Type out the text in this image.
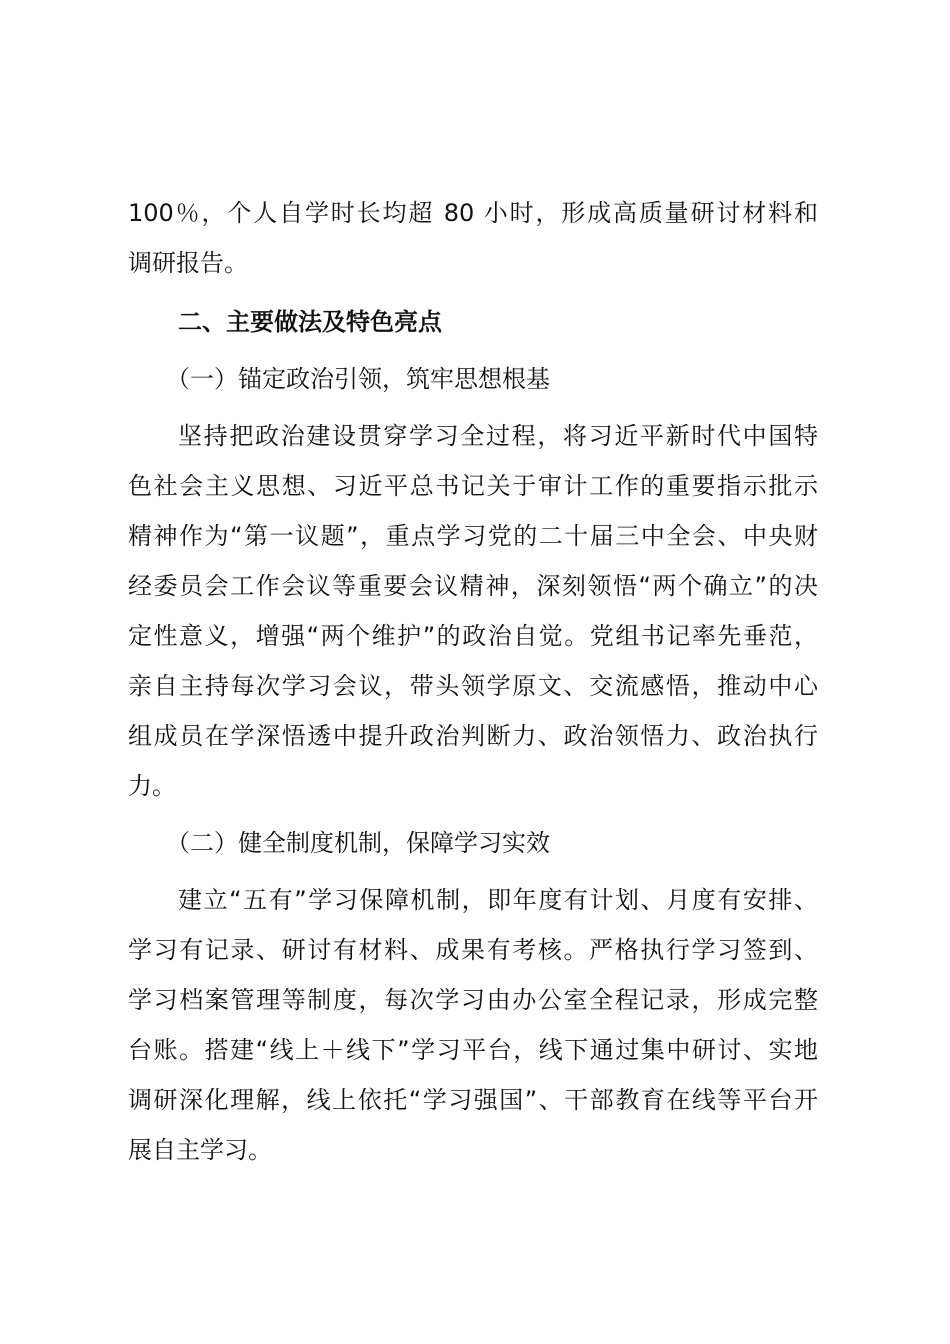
100％，个人自学时长均超 80 小时，形成高质量研讨材料和
调研报告。
二、主要做法及特色亮点
（一）锚定政治引领，筑牢思想根基
坚持把政治建设贯穿学习全过程，将习近平新时代中国特
色社会主义思想、习近平总书记关于审计工作的重要指示批示
精神作为“第一议题”，重点学习党的二十届三中全会、中央财
经委员会工作会议等重要会议精神，深刻领悟“两个确立”的决
定性意义，增强“两个维护”的政治自觉。党组书记率先垂范，
亲自主持每次学习会议，带头领学原文、交流感悟，推动中心
组成员在学深悟透中提升政治判断力、政治领悟力、政治执行
力。
（二）健全制度机制，保障学习实效
建立“五有”学习保障机制，即年度有计划、月度有安排、
学习有记录、研讨有材料、成果有考核。严格执行学习签到、
学习档案管理等制度，每次学习由办公室全程记录，形成完整
台账。搭建“线上＋线下”学习平台，线下通过集中研讨、实地
调研深化理解，线上依托“学习强国”、干部教育在线等平台开
展自主学习。
